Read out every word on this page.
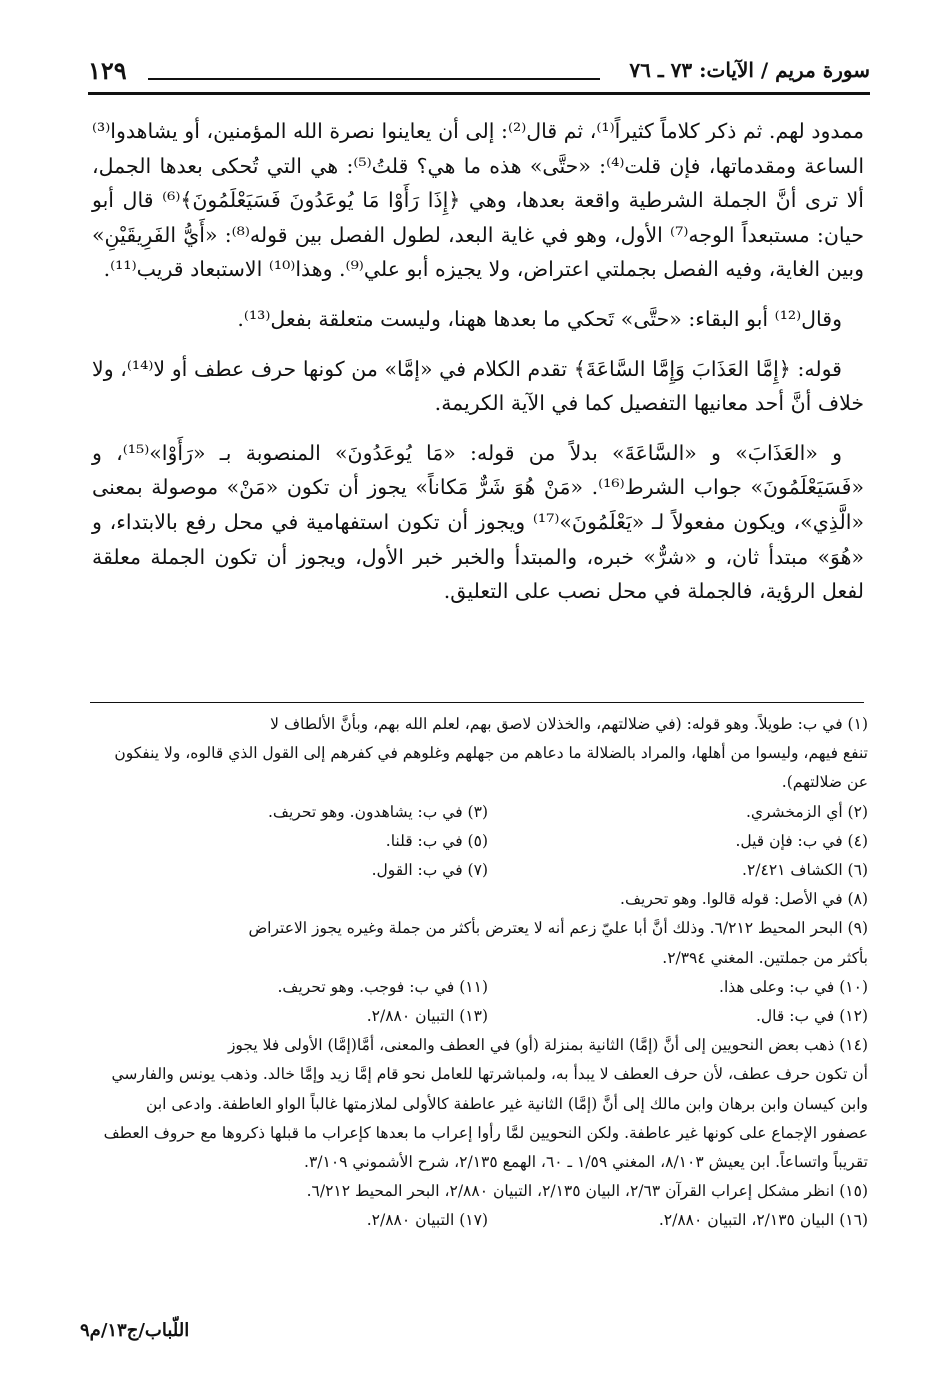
سورة مريم / الآيات: ٧٣ ـ ٧٦
١٢٩

ممدود لهم. ثم ذكر كلاماً كثيراً⁽¹⁾، ثم قال⁽²⁾: إلى أن يعاينوا نصرة الله المؤمنين، أو يشاهدوا⁽³⁾ الساعة ومقدماتها، فإن قلت⁽⁴⁾: «حتَّى» هذه ما هي؟ قلتُ⁽⁵⁾: هي التي تُحكى بعدها الجمل، ألا ترى أنَّ الجملة الشرطية واقعة بعدها، وهي ﴿إِذَا رَأَوْا مَا يُوعَدُونَ فَسَيَعْلَمُونَ﴾⁽⁶⁾ قال أبو حيان: مستبعداً الوجه⁽⁷⁾ الأول، وهو في غاية البعد، لطول الفصل بين قوله⁽⁸⁾: «أَيُّ الفَرِيقَيْنِ» وبين الغاية، وفيه الفصل بجملتي اعتراض، ولا يجيزه أبو علي⁽⁹⁾. وهذا⁽¹⁰⁾ الاستبعاد قريب⁽¹¹⁾.

وقال⁽¹²⁾ أبو البقاء: «حتَّى» تَحكي ما بعدها ههنا، وليست متعلقة بفعل⁽¹³⁾.

قوله: ﴿إِمَّا العَذَابَ وَإِمَّا السَّاعَةَ﴾ تقدم الكلام في «إمَّا» من كونها حرف عطف أو لا⁽¹⁴⁾، ولا خلاف أنَّ أحد معانيها التفصيل كما في الآية الكريمة.

و «العَذَابَ» و «السَّاعَةَ» بدلاً من قوله: «مَا يُوعَدُونَ» المنصوبة بـ «رَأَوْا»⁽¹⁵⁾، و «فَسَيَعْلَمُونَ» جواب الشرط⁽¹⁶⁾. «مَنْ هُوَ شَرٌّ مَكاناً» يجوز أن تكون «مَنْ» موصولة بمعنى «الَّذِي»، ويكون مفعولاً لـ «يَعْلَمُونَ»⁽¹⁷⁾ ويجوز أن تكون استفهامية في محل رفع بالابتداء، و «هُوَ» مبتدأ ثان، و «شرٌّ» خبره، والمبتدأ والخبر خبر الأول، ويجوز أن تكون الجملة معلقة لفعل الرؤية، فالجملة في محل نصب على التعليق.

(١) في ب: طويلاً. وهو قوله: (في ضلالتهم، والخذلان لاصق بهم، لعلم الله بهم، وبأنَّ الألطاف لا

تنفع فيهم، وليسوا من أهلها، والمراد بالضلالة ما دعاهم من جهلهم وغلوهم في كفرهم إلى القول الذي قالوه، ولا ينفكون عن ضلالتهم).

(٢) أي الزمخشري.
(٣) في ب: يشاهدون. وهو تحريف.
(٤) في ب: فإن قيل.
(٥) في ب: قلنا.
(٦) الكشاف ٢/٤٢١.
(٧) في ب: القول.

(٨) في الأصل: قوله قالوا. وهو تحريف.

(٩) البحر المحيط ٦/٢١٢. وذلك أنَّ أبا عليّ زعم أنه لا يعترض بأكثر من جملة وغيره يجوز الاعتراض

بأكثر من جملتين. المغني ٢/٣٩٤.

(١٠) في ب: وعلى هذا.
(١١) في ب: فوجب. وهو تحريف.
(١٢) في ب: قال.
(١٣) التبيان ٢/٨٨٠.

(١٤) ذهب بعض النحويين إلى أنَّ (إمَّا) الثانية بمنزلة (أو) في العطف والمعنى، أمَّا(إمَّا) الأولى فلا يجوز

أن تكون حرف عطف، لأن حرف العطف لا يبدأ به، ولمباشرتها للعامل نحو قام إمَّا زيد وإمَّا خالد. وذهب يونس والفارسي وابن كيسان وابن برهان وابن مالك إلى أنَّ (إمَّا) الثانية غير عاطفة كالأولى لملازمتها غالباً الواو العاطفة. وادعى ابن عصفور الإجماع على كونها غير عاطفة. ولكن النحويين لمَّا رأوا إعراب ما بعدها كإعراب ما قبلها ذكروها مع حروف العطف تقريباً واتساعاً. ابن يعيش ٨/١٠٣، المغني ١/٥٩ ـ ٦٠، الهمع ٢/١٣٥، شرح الأشموني ٣/١٠٩.

(١٥) انظر مشكل إعراب القرآن ٢/٦٣، البيان ٢/١٣٥، التبيان ٢/٨٨٠، البحر المحيط ٦/٢١٢.

(١٦) البيان ٢/١٣٥، التبيان ٢/٨٨٠.
(١٧) التبيان ٢/٨٨٠.
اللّباب/ج١٣/م٩
